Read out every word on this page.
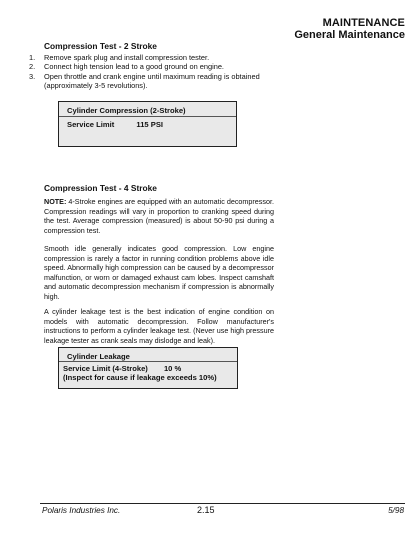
MAINTENANCE
General Maintenance
Compression Test - 2 Stroke
1.	Remove spark plug and install compression tester.
2.	Connect high tension lead to a good ground on engine.
3.	Open throttle and crank engine until maximum reading is obtained (approximately 3-5 revolutions).
Cylinder Compression (2-Stroke)
Service Limit	115 PSI
Compression Test - 4 Stroke

NOTE: 4-Stroke engines are equipped with an automatic decompressor. Compression readings will vary in proportion to cranking speed during the test. Average compression (measured) is about 50-90 psi during a compression test.

Smooth idle generally indicates good compression. Low engine compression is rarely a factor in running condition problems above idle speed. Abnormally high compression can be caused by a decompressor malfunction, or worn or damaged exhaust cam lobes. Inspect camshaft and automatic decompression mechanism if compression is abnormally high.

A cylinder leakage test is the best indication of engine condition on models with automatic decompression. Follow manufacturer's instructions to perform a cylinder leakage test. (Never use high pressure leakage tester as crank seals may dislodge and leak).

Cylinder Leakage
Service Limit (4-Stroke) 10 %
(Inspect for cause if leakage exceeds 10%)
Polaris Industries Inc.	2.15	5/98
